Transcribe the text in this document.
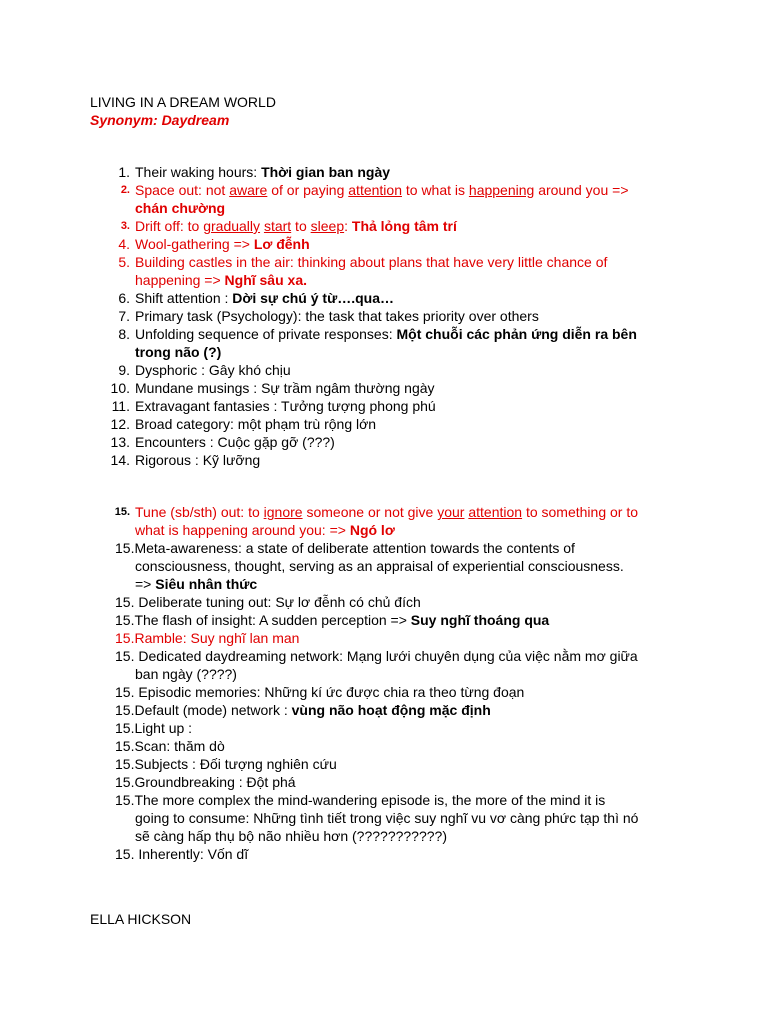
LIVING IN A DREAM WORLD
Synonym: Daydream
1. Their waking hours: Thời gian ban ngày
2. Space out: not aware of or paying attention to what is happening around you =>
chán chường
3. Drift off: to gradually start to sleep: Thả lỏng tâm trí
4. Wool-gathering => Lơ đễnh
5. Building castles in the air: thinking about plans that have very little chance of
happening => Nghĩ sâu xa.
6. Shift attention : Dời sự chú ý từ….qua…
7. Primary task (Psychology): the task that takes priority over others
8. Unfolding sequence of private responses: Một chuỗi các phản ứng diễn ra bên
trong não (?)
9. Dysphoric : Gây khó chịu
10. Mundane musings : Sự trầm ngâm thường ngày
11. Extravagant fantasies : Tưởng tượng phong phú
12. Broad category: một phạm trù rộng lớn
13. Encounters : Cuộc gặp gỡ (???)
14. Rigorous : Kỹ lưỡng
15. Tune (sb/sth) out: to ignore someone or not give your attention to something or to
what is happening around you: => Ngó lơ
15.Meta-awareness: a state of deliberate attention towards the contents of
consciousness, thought, serving as an appraisal of experiential consciousness.
=> Siêu nhân thức
15. Deliberate tuning out: Sự lơ đễnh có chủ đích
15.The flash of insight: A sudden perception => Suy nghĩ thoáng qua
15.Ramble: Suy nghĩ lan man
15. Dedicated daydreaming network: Mạng lưới chuyên dụng của việc nằm mơ giữa
ban ngày (????)
15. Episodic memories: Những kí ức được chia ra theo từng đoạn
15.Default (mode) network : vùng não hoạt động mặc định
15.Light up :
15.Scan: thăm dò
15.Subjects : Đối tượng nghiên cứu
15.Groundbreaking : Đột phá
15.The more complex the mind-wandering episode is, the more of the mind it is
going to consume: Những tình tiết trong việc suy nghĩ vu vơ càng phức tạp thì nó
sẽ càng hấp thụ bộ não nhiều hơn (???????????)
15. Inherently: Vốn dĩ
ELLA HICKSON
